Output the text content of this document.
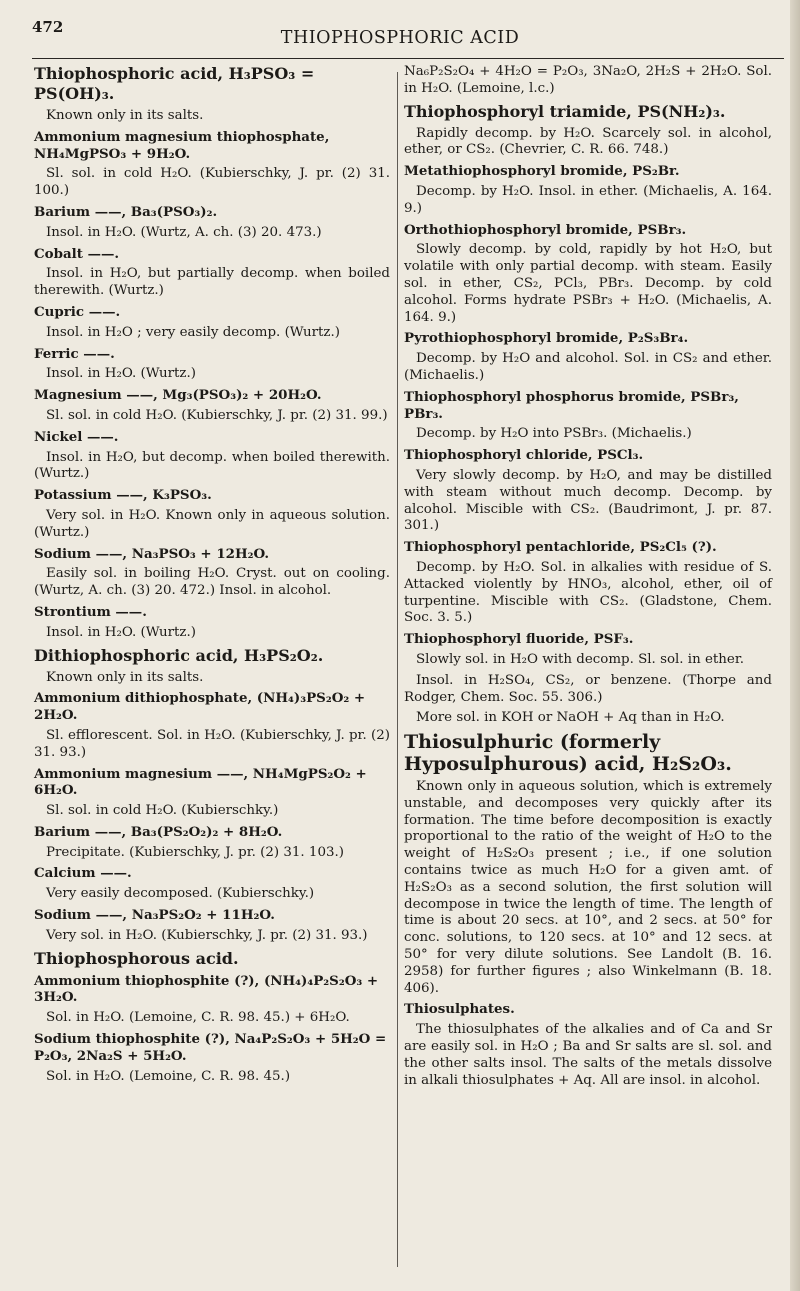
472
THIOPHOSPHORIC ACID
Thiophosphoric acid, H₃PSO₃ = PS(OH)₃.
Known only in its salts.
Ammonium magnesium thiophosphate, NH₄MgPSO₃ + 9H₂O.
Sl. sol. in cold H₂O. (Kubierschky, J. pr. (2) 31. 100.)
Barium ——, Ba₃(PSO₃)₂.
Insol. in H₂O. (Wurtz, A. ch. (3) 20. 473.)
Cobalt ——.
Insol. in H₂O, but partially decomp. when boiled therewith. (Wurtz.)
Cupric ——.
Insol. in H₂O ; very easily decomp. (Wurtz.)
Ferric ——.
Insol. in H₂O. (Wurtz.)
Magnesium ——, Mg₃(PSO₃)₂ + 20H₂O.
Sl. sol. in cold H₂O. (Kubierschky, J. pr. (2) 31. 99.)
Nickel ——.
Insol. in H₂O, but decomp. when boiled therewith. (Wurtz.)
Potassium ——, K₃PSO₃.
Very sol. in H₂O. Known only in aqueous solution. (Wurtz.)
Sodium ——, Na₃PSO₃ + 12H₂O.
Easily sol. in boiling H₂O. Cryst. out on cooling. (Wurtz, A. ch. (3) 20. 472.) Insol. in alcohol.
Strontium ——.
Insol. in H₂O. (Wurtz.)
Dithiophosphoric acid, H₃PS₂O₂.
Known only in its salts.
Ammonium dithiophosphate, (NH₄)₃PS₂O₂ + 2H₂O.
Sl. efflorescent. Sol. in H₂O. (Kubierschky, J. pr. (2) 31. 93.)
Ammonium magnesium ——, NH₄MgPS₂O₂ + 6H₂O.
Sl. sol. in cold H₂O. (Kubierschky.)
Barium ——, Ba₃(PS₂O₂)₂ + 8H₂O.
Precipitate. (Kubierschky, J. pr. (2) 31. 103.)
Calcium ——.
Very easily decomposed. (Kubierschky.)
Sodium ——, Na₃PS₂O₂ + 11H₂O.
Very sol. in H₂O. (Kubierschky, J. pr. (2) 31. 93.)
Thiophosphorous acid.
Ammonium thiophosphite (?), (NH₄)₄P₂S₂O₃ + 3H₂O.
Sol. in H₂O. (Lemoine, C. R. 98. 45.) + 6H₂O.
Sodium thiophosphite (?), Na₄P₂S₂O₃ + 5H₂O = P₂O₃, 2Na₂S + 5H₂O.
Sol. in H₂O. (Lemoine, C. R. 98. 45.)
Na₆P₂S₂O₄ + 4H₂O = P₂O₃, 3Na₂O, 2H₂S + 2H₂O. Sol. in H₂O. (Lemoine, l.c.)
Thiophosphoryl triamide, PS(NH₂)₃.
Rapidly decomp. by H₂O. Scarcely sol. in alcohol, ether, or CS₂. (Chevrier, C. R. 66. 748.)
Metathiophosphoryl bromide, PS₂Br.
Decomp. by H₂O. Insol. in ether. (Michaelis, A. 164. 9.)
Orthothiophosphoryl bromide, PSBr₃.
Slowly decomp. by cold, rapidly by hot H₂O, but volatile with only partial decomp. with steam. Easily sol. in ether, CS₂, PCl₃, PBr₃. Decomp. by cold alcohol. Forms hydrate PSBr₃ + H₂O. (Michaelis, A. 164. 9.)
Pyrothiophosphoryl bromide, P₂S₃Br₄.
Decomp. by H₂O and alcohol. Sol. in CS₂ and ether. (Michaelis.)
Thiophosphoryl phosphorus bromide, PSBr₃, PBr₃.
Decomp. by H₂O into PSBr₃. (Michaelis.)
Thiophosphoryl chloride, PSCl₃.
Very slowly decomp. by H₂O, and may be distilled with steam without much decomp. Decomp. by alcohol. Miscible with CS₂. (Baudrimont, J. pr. 87. 301.)
Thiophosphoryl pentachloride, PS₂Cl₅ (?).
Decomp. by H₂O. Sol. in alkalies with residue of S. Attacked violently by HNO₃, alcohol, ether, oil of turpentine. Miscible with CS₂. (Gladstone, Chem. Soc. 3. 5.)
Thiophosphoryl fluoride, PSF₃.
Slowly sol. in H₂O with decomp. Sl. sol. in ether.
Insol. in H₂SO₄, CS₂, or benzene. (Thorpe and Rodger, Chem. Soc. 55. 306.)
More sol. in KOH or NaOH + Aq than in H₂O.
Thiosulphuric (formerly Hyposulphurous) acid, H₂S₂O₃.
Known only in aqueous solution, which is extremely unstable, and decomposes very quickly after its formation. The time before decomposition is exactly proportional to the ratio of the weight of H₂O to the weight of H₂S₂O₃ present ; i.e., if one solution contains twice as much H₂O for a given amt. of H₂S₂O₃ as a second solution, the first solution will decompose in twice the length of time. The length of time is about 20 secs. at 10°, and 2 secs. at 50° for conc. solutions, to 120 secs. at 10° and 12 secs. at 50° for very dilute solutions. See Landolt (B. 16. 2958) for further figures ; also Winkelmann (B. 18. 406).
Thiosulphates.
The thiosulphates of the alkalies and of Ca and Sr are easily sol. in H₂O ; Ba and Sr salts are sl. sol. and the other salts insol. The salts of the metals dissolve in alkali thiosulphates + Aq. All are insol. in alcohol.
